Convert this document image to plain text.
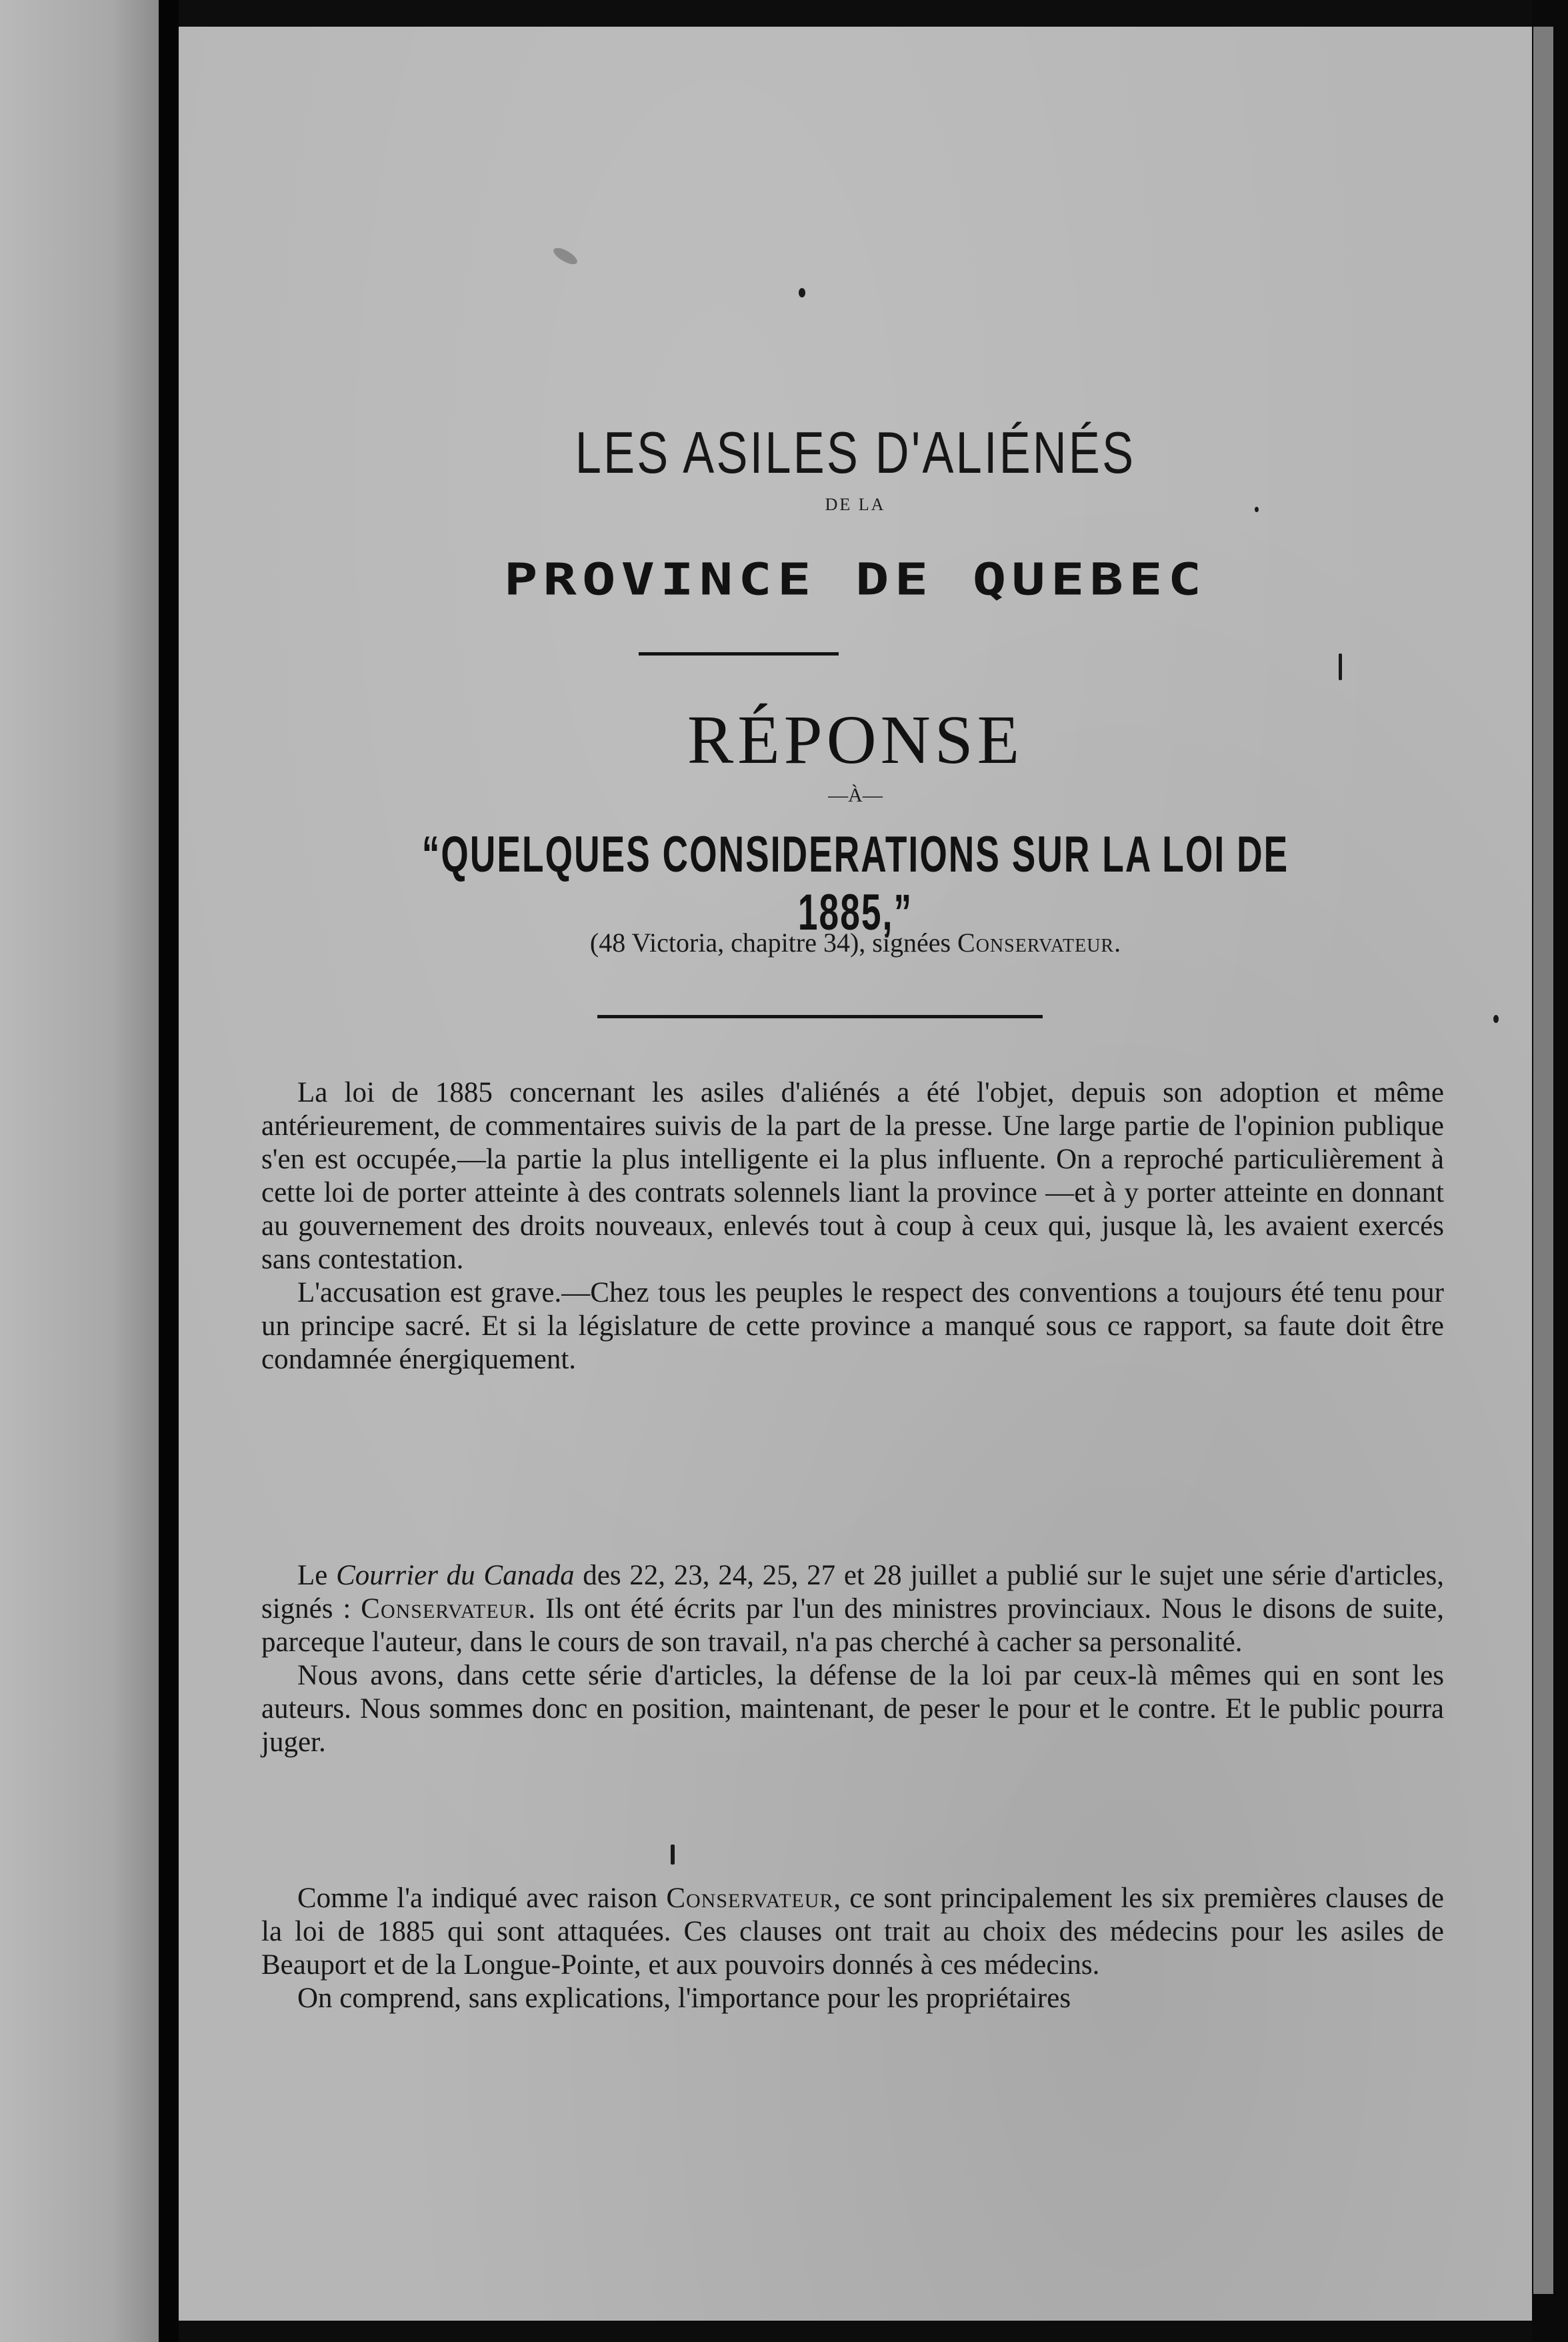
LES ASILES D'ALIÉNÉS
DE LA
PROVINCE DE QUEBEC
RÉPONSE
—À—
“QUELQUES CONSIDERATIONS SUR LA LOI DE 1885,”
(48 Victoria, chapitre 34), signées Conservateur.

La loi de 1885 concernant les asiles d'aliénés a été l'objet, depuis son adoption et même antérieurement, de commentaires suivis de la part de la presse. Une large partie de l'opinion publique s'en est occupée,—la partie la plus intelligente ei la plus influente. On a reproché particulièrement à cette loi de porter atteinte à des contrats solennels liant la province —et à y porter atteinte en donnant au gouvernement des droits nouveaux, enlevés tout à coup à ceux qui, jusque là, les avaient exercés sans contestation.

L'accusation est grave.—Chez tous les peuples le respect des conventions a toujours été tenu pour un principe sacré. Et si la législature de cette province a manqué sous ce rapport, sa faute doit être condamnée énergiquement.

Le Courrier du Canada des 22, 23, 24, 25, 27 et 28 juillet a publié sur le sujet une série d'articles, signés : Conservateur. Ils ont été écrits par l'un des ministres provinciaux. Nous le disons de suite, parceque l'auteur, dans le cours de son travail, n'a pas cherché à cacher sa personalité.

Nous avons, dans cette série d'articles, la défense de la loi par ceux-là mêmes qui en sont les auteurs. Nous sommes donc en position, maintenant, de peser le pour et le contre. Et le public pourra juger.

Comme l'a indiqué avec raison Conservateur, ce sont principalement les six premières clauses de la loi de 1885 qui sont attaquées. Ces clauses ont trait au choix des médecins pour les asiles de Beauport et de la Longue-Pointe, et aux pouvoirs donnés à ces médecins.

On comprend, sans explications, l'importance pour les propriétaires
